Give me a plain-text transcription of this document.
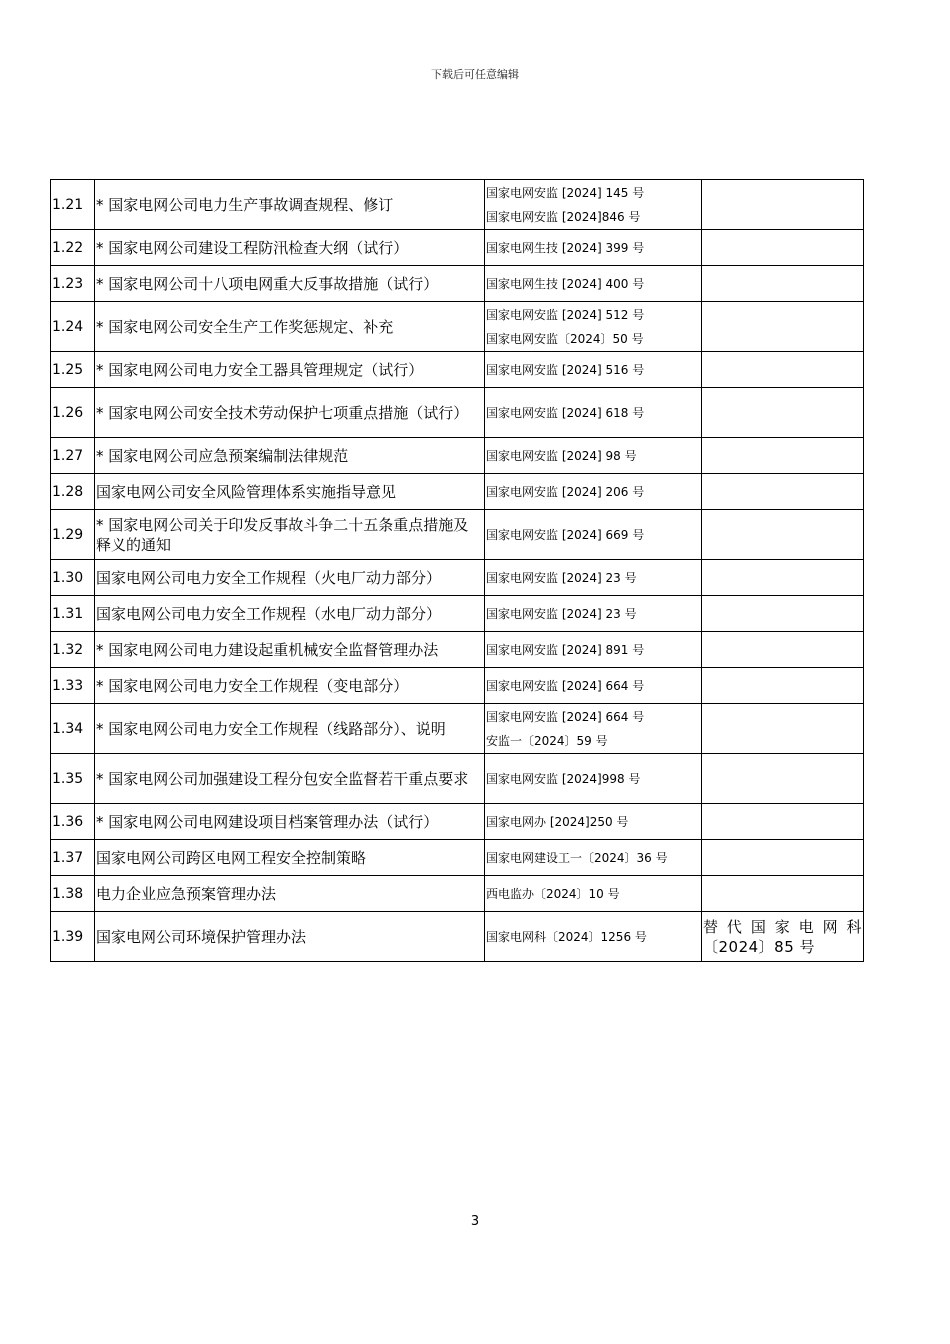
下载后可任意编辑
1.21	* 国家电网公司电力生产事故调查规程、修订	国家电网安监 [2024] 145 号
国家电网安监 [2024]846 号	

1.22	* 国家电网公司建设工程防汛检查大纲（试行）	国家电网生技 [2024] 399 号	

1.23	* 国家电网公司十八项电网重大反事故措施（试行）	国家电网生技 [2024] 400 号	

1.24	* 国家电网公司安全生产工作奖惩规定、补充	国家电网安监 [2024] 512 号
国家电网安监〔2024〕50 号	

1.25	* 国家电网公司电力安全工器具管理规定（试行）	国家电网安监 [2024] 516 号	

1.26	* 国家电网公司安全技术劳动保护七项重点措施（试行）	国家电网安监 [2024] 618 号	

1.27	* 国家电网公司应急预案编制法律规范	国家电网安监 [2024] 98 号	

1.28	国家电网公司安全风险管理体系实施指导意见	国家电网安监 [2024] 206 号	

1.29	* 国家电网公司关于印发反事故斗争二十五条重点措施及释义的通知	国家电网安监 [2024] 669 号	

1.30	国家电网公司电力安全工作规程（火电厂动力部分）	国家电网安监 [2024] 23 号	

1.31	国家电网公司电力安全工作规程（水电厂动力部分）	国家电网安监 [2024] 23 号	

1.32	* 国家电网公司电力建设起重机械安全监督管理办法	国家电网安监 [2024] 891 号	

1.33	* 国家电网公司电力安全工作规程（变电部分）	国家电网安监 [2024] 664 号	

1.34	* 国家电网公司电力安全工作规程（线路部分）、说明	国家电网安监 [2024] 664 号
安监一〔2024〕59 号	

1.35	* 国家电网公司加强建设工程分包安全监督若干重点要求	国家电网安监 [2024]998 号	

1.36	* 国家电网公司电网建设项目档案管理办法（试行）	国家电网办 [2024]250 号	

1.37	国家电网公司跨区电网工程安全控制策略	国家电网建设工一〔2024〕36 号	

1.38	电力企业应急预案管理办法	西电监办〔2024〕10 号	

1.39	国家电网公司环境保护管理办法	国家电网科〔2024〕1256 号	替代国家电网科〔2024〕85 号
3
